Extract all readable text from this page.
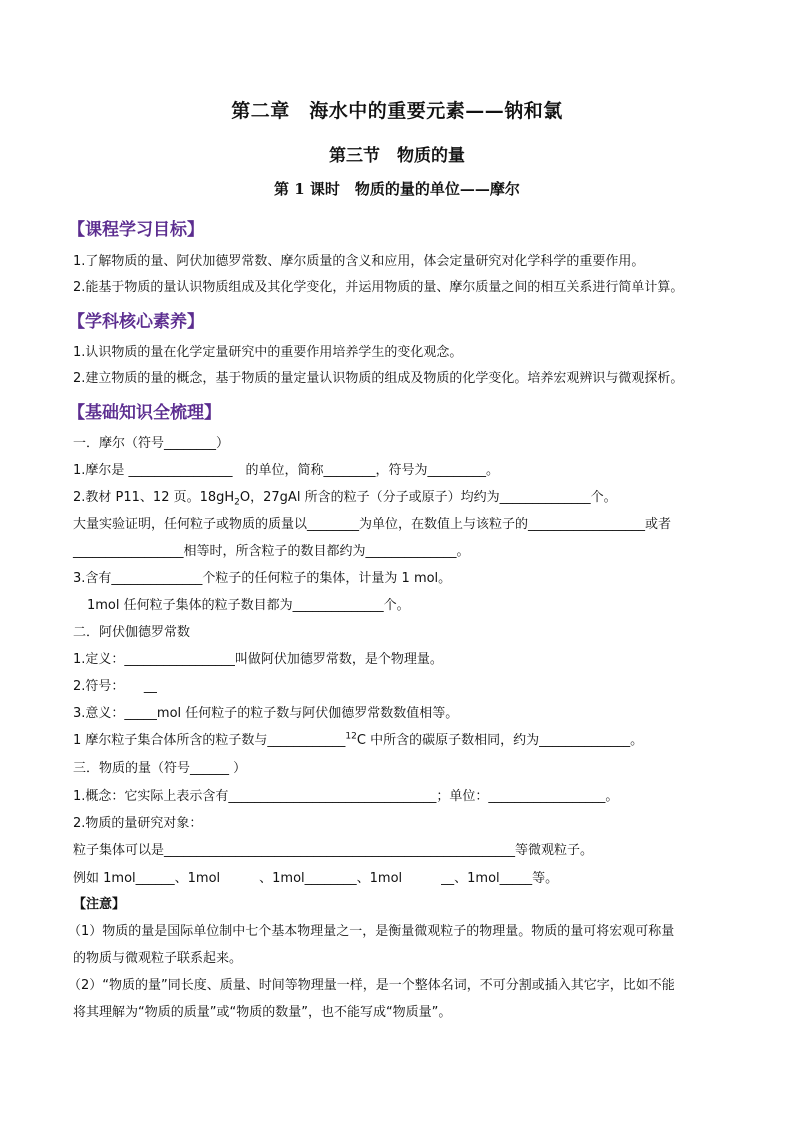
第二章　海水中的重要元素——钠和氯
第三节　物质的量
第 1 课时　物质的量的单位——摩尔
【课程学习目标】
1.了解物质的量、阿伏加德罗常数、摩尔质量的含义和应用，体会定量研究对化学科学的重要作用。
2.能基于物质的量认识物质组成及其化学变化，并运用物质的量、摩尔质量之间的相互关系进行简单计算。
【学科核心素养】
1.认识物质的量在化学定量研究中的重要作用培养学生的变化观念。
2.建立物质的量的概念，基于物质的量定量认识物质的组成及物质的化学变化。培养宏观辨识与微观探析。
【基础知识全梳理】
一．摩尔（符号________）
1.摩尔是 ________________　的单位，简称________，符号为_________。
2.教材 P11、12 页。$18gH_2O$，27gAl 所含的粒子（分子或原子）均约为______________个。
大量实验证明，任何粒子或物质的质量以________为单位，在数值上与该粒子的__________________或者
_________________相等时，所含粒子的数目都约为______________。
3.含有______________个粒子的任何粒子的集体，计量为 1 mol。
1mol 任何粒子集体的粒子数目都为______________个。
二．阿伏伽德罗常数
1.定义：_________________叫做阿伏加德罗常数，是个物理量。
2.符号：　　__
3.意义：_____mol 任何粒子的粒子数与阿伏伽德罗常数数值相等。
1 摩尔粒子集合体所含的粒子数与____________$^{12}$C 中所含的碳原子数相同，约为______________。
三．物质的量（符号______ ）
1.概念：它实际上表示含有________________________________；单位：__________________。
2.物质的量研究对象：
粒子集体可以是______________________________________________________等微观粒子。
例如 1mol______、1mol　　　、1mol________、1mol　　　__、1mol_____等。
【注意】
（1）物质的量是国际单位制中七个基本物理量之一，是衡量微观粒子的物理量。物质的量可将宏观可称量
的物质与微观粒子联系起来。
（2）“物质的量”同长度、质量、时间等物理量一样，是一个整体名词，不可分割或插入其它字，比如不能
将其理解为“物质的质量”或“物质的数量”，也不能写成“物质量”。
